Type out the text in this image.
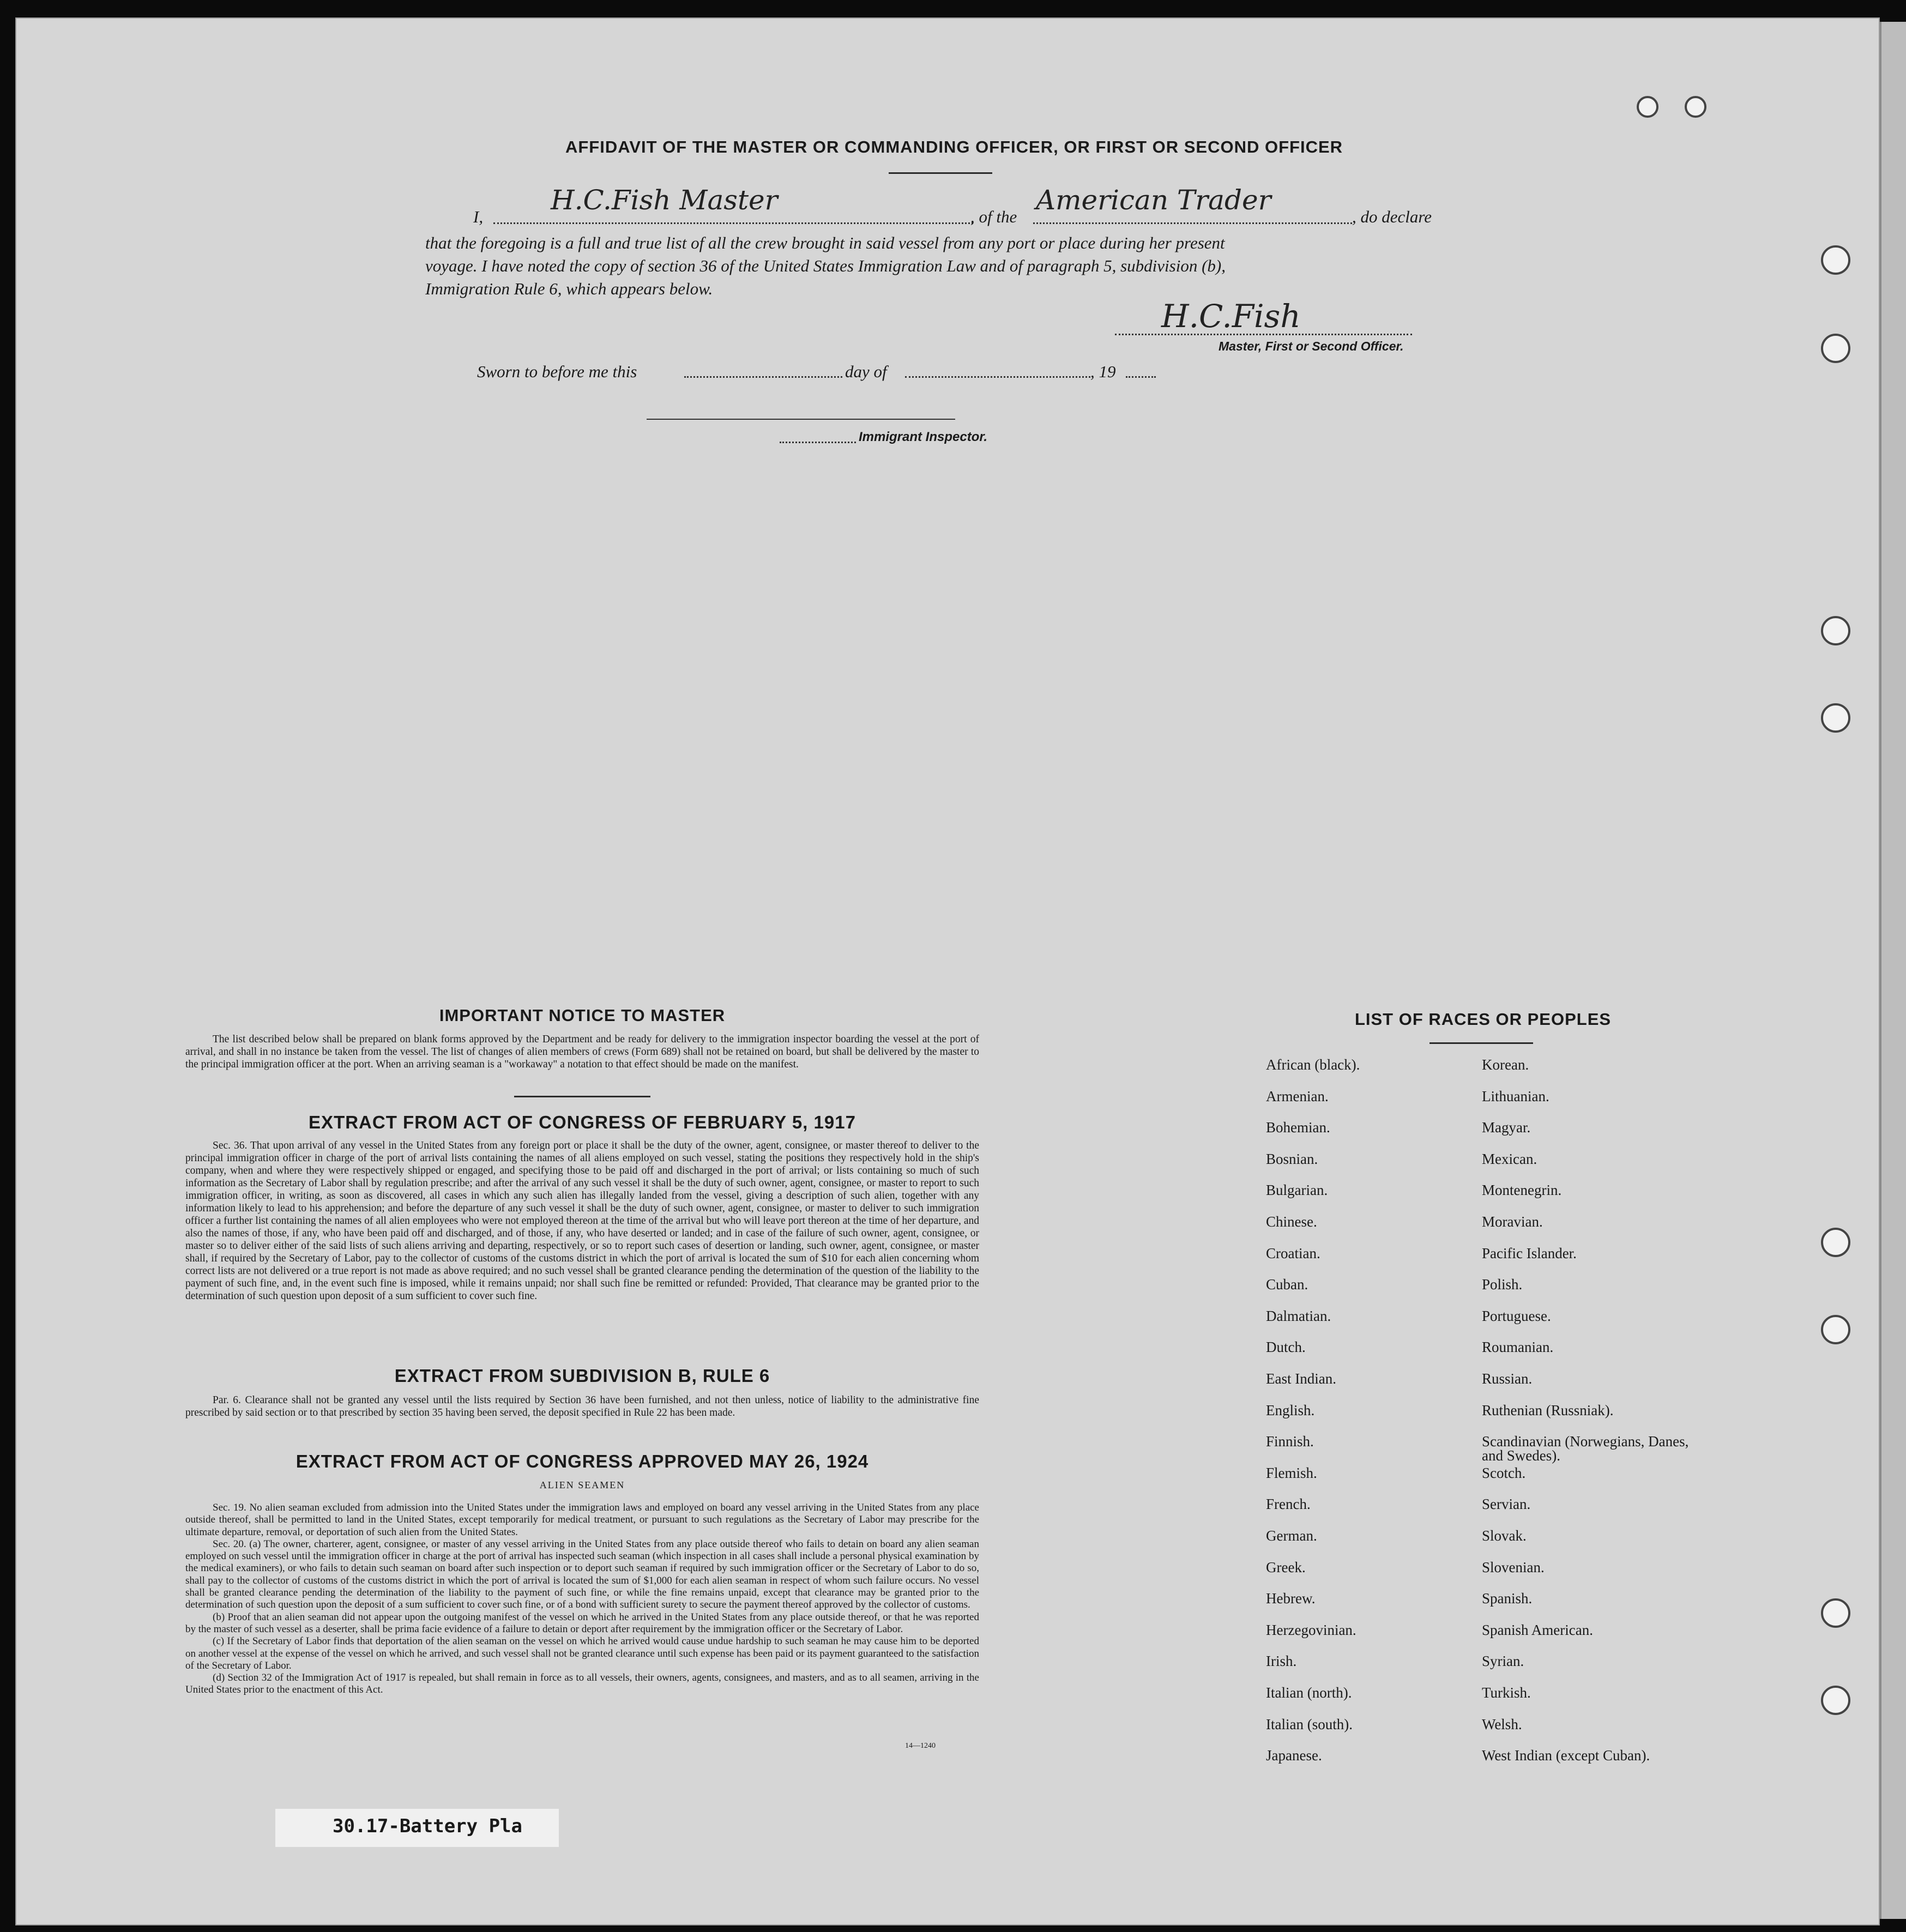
AFFIDAVIT OF THE MASTER OR COMMANDING OFFICER, OR FIRST OR SECOND OFFICER
I,
H.C.Fish Master
, of the
American Trader
, do declare
that the foregoing is a full and true list of all the crew brought in said vessel from any port or place during her present
voyage. I have noted the copy of section 36 of the United States Immigration Law and of paragraph 5, subdivision (b),
Immigration Rule 6, which appears below.
H.C.Fish
Master, First or Second Officer.
Sworn to before me this	day of	, 19
Immigrant Inspector.
IMPORTANT NOTICE TO MASTER

The list described below shall be prepared on blank forms approved by the Department and be ready for delivery to the immigration inspector boarding the vessel at the port of arrival, and shall in no instance be taken from the vessel. The list of changes of alien members of crews (Form 689) shall not be retained on board, but shall be delivered by the master to the principal immigration officer at the port. When an arriving seaman is a "workaway" a notation to that effect should be made on the manifest.

EXTRACT FROM ACT OF CONGRESS OF FEBRUARY 5, 1917

Sec. 36. That upon arrival of any vessel in the United States from any foreign port or place it shall be the duty of the owner, agent, consignee, or master thereof to deliver to the principal immigration officer in charge of the port of arrival lists containing the names of all aliens employed on such vessel, stating the positions they respectively hold in the ship's company, when and where they were respectively shipped or engaged, and specifying those to be paid off and discharged in the port of arrival; or lists containing so much of such information as the Secretary of Labor shall by regulation prescribe; and after the arrival of any such vessel it shall be the duty of such owner, agent, consignee, or master to report to such immigration officer, in writing, as soon as discovered, all cases in which any such alien has illegally landed from the vessel, giving a description of such alien, together with any information likely to lead to his apprehension; and before the departure of any such vessel it shall be the duty of such owner, agent, consignee, or master to deliver to such immigration officer a further list containing the names of all alien employees who were not employed thereon at the time of the arrival but who will leave port thereon at the time of her departure, and also the names of those, if any, who have been paid off and discharged, and of those, if any, who have deserted or landed; and in case of the failure of such owner, agent, consignee, or master so to deliver either of the said lists of such aliens arriving and departing, respectively, or so to report such cases of desertion or landing, such owner, agent, consignee, or master shall, if required by the Secretary of Labor, pay to the collector of customs of the customs district in which the port of arrival is located the sum of $10 for each alien concerning whom correct lists are not delivered or a true report is not made as above required; and no such vessel shall be granted clearance pending the determination of the question of the liability to the payment of such fine, and, in the event such fine is imposed, while it remains unpaid; nor shall such fine be remitted or refunded: Provided, That clearance may be granted prior to the determination of such question upon deposit of a sum sufficient to cover such fine.

EXTRACT FROM SUBDIVISION B, RULE 6

Par. 6. Clearance shall not be granted any vessel until the lists required by Section 36 have been furnished, and not then unless, notice of liability to the administrative fine prescribed by said section or to that prescribed by section 35 having been served, the deposit specified in Rule 22 has been made.

EXTRACT FROM ACT OF CONGRESS APPROVED MAY 26, 1924
ALIEN SEAMEN

Sec. 19. No alien seaman excluded from admission into the United States under the immigration laws and employed on board any vessel arriving in the United States from any place outside thereof, shall be permitted to land in the United States, except temporarily for medical treatment, or pursuant to such regulations as the Secretary of Labor may prescribe for the ultimate departure, removal, or deportation of such alien from the United States.

Sec. 20. (a) The owner, charterer, agent, consignee, or master of any vessel arriving in the United States from any place outside thereof who fails to detain on board any alien seaman employed on such vessel until the immigration officer in charge at the port of arrival has inspected such seaman (which inspection in all cases shall include a personal physical examination by the medical examiners), or who fails to detain such seaman on board after such inspection or to deport such seaman if required by such immigration officer or the Secretary of Labor to do so, shall pay to the collector of customs of the customs district in which the port of arrival is located the sum of $1,000 for each alien seaman in respect of whom such failure occurs. No vessel shall be granted clearance pending the determination of the liability to the payment of such fine, or while the fine remains unpaid, except that clearance may be granted prior to the determination of such question upon the deposit of a sum sufficient to cover such fine, or of a bond with sufficient surety to secure the payment thereof approved by the collector of customs.

(b) Proof that an alien seaman did not appear upon the outgoing manifest of the vessel on which he arrived in the United States from any place outside thereof, or that he was reported by the master of such vessel as a deserter, shall be prima facie evidence of a failure to detain or deport after requirement by the immigration officer or the Secretary of Labor.

(c) If the Secretary of Labor finds that deportation of the alien seaman on the vessel on which he arrived would cause undue hardship to such seaman he may cause him to be deported on another vessel at the expense of the vessel on which he arrived, and such vessel shall not be granted clearance until such expense has been paid or its payment guaranteed to the satisfaction of the Secretary of Labor.

(d) Section 32 of the Immigration Act of 1917 is repealed, but shall remain in force as to all vessels, their owners, agents, consignees, and masters, and as to all seamen, arriving in the United States prior to the enactment of this Act.

14—1240
LIST OF RACES OR PEOPLES
African (black).
Armenian.
Bohemian.
Bosnian.
Bulgarian.
Chinese.
Croatian.
Cuban.
Dalmatian.
Dutch.
East Indian.
English.
Finnish.
Flemish.
French.
German.
Greek.
Hebrew.
Herzegovinian.
Irish.
Italian (north).
Italian (south).
Japanese.
Korean.
Lithuanian.
Magyar.
Mexican.
Montenegrin.
Moravian.
Pacific Islander.
Polish.
Portuguese.
Roumanian.
Russian.
Ruthenian (Russniak).
Scandinavian (Norwegians, Danes, and Swedes).
Scotch.
Servian.
Slovak.
Slovenian.
Spanish.
Spanish American.
Syrian.
Turkish.
Welsh.
West Indian (except Cuban).
30.17-Battery Pla
